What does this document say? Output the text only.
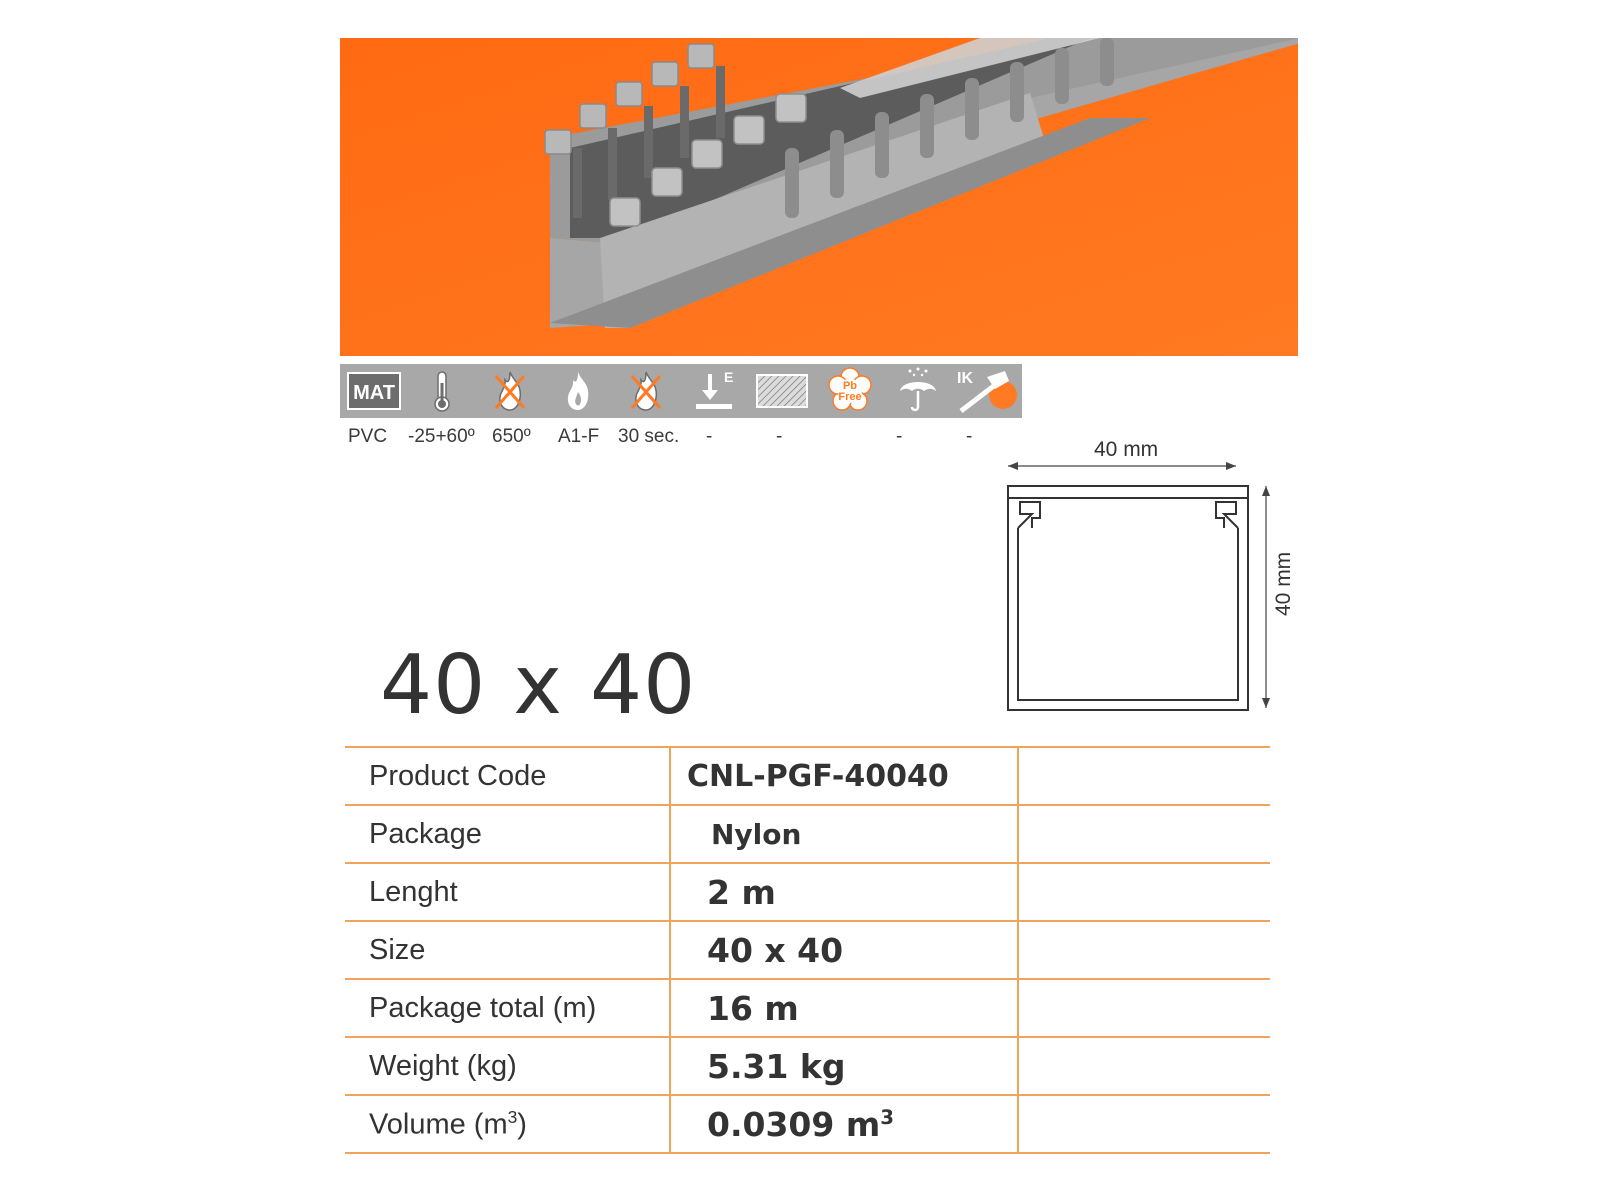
MAT
E
Pb
Free
IK
PVC -25+60º 650º A1-F 30 sec. -	-	-	-
40 mm
40 mm
40 x 40
Product Code	CNL-PGF-40040	
Package	Nylon	
Lenght	2 m	
Size	40 x 40	
Package total (m)	16 m	
Weight (kg)	5.31 kg	
Volume $(m^3)$	0.0309 $m^3$	
